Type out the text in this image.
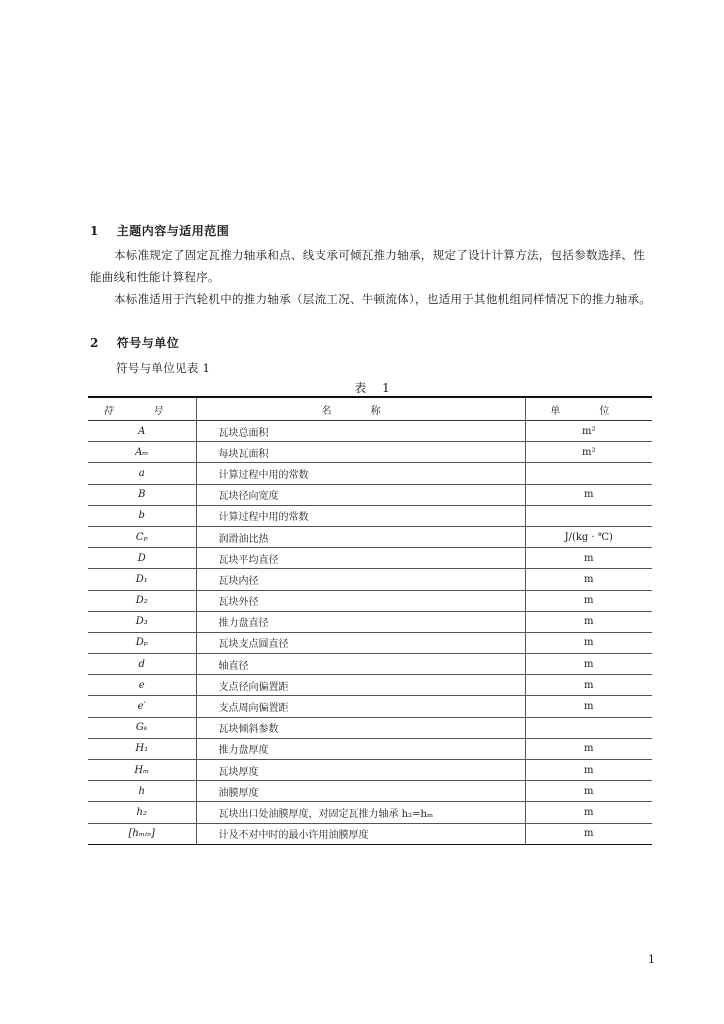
1 主题内容与适用范围
本标准规定了固定瓦推力轴承和点、线支承可倾瓦推力轴承，规定了设计计算方法，包括参数选择、性能曲线和性能计算程序。
本标准适用于汽轮机中的推力轴承（层流工况、牛顿流体），也适用于其他机组同样情况下的推力轴承。
2 符号与单位
符号与单位见表 1
表 1
符 号	名 称	单 位
A	瓦块总面积	m²
Aₘ	每块瓦面积	m²
a	计算过程中用的常数	
B	瓦块径向宽度	m
b	计算过程中用的常数	
Cₚ	润滑油比热	J/(kg · ℃)
D	瓦块平均直径	m
D₁	瓦块内径	m
D₂	瓦块外径	m
D₃	推力盘直径	m
Dₚ	瓦块支点圆直径	m
d	轴直径	m
e	支点径向偏置距	m
e′	支点周向偏置距	m
Gₖ	瓦块倾斜参数	
H₁	推力盘厚度	m
Hₘ	瓦块厚度	m
h	油膜厚度	m
h₂	瓦块出口处油膜厚度，对固定瓦推力轴承 h₂=hₘ	m
[hₘᵢₙ]	计及不对中时的最小许用油膜厚度	m
1
